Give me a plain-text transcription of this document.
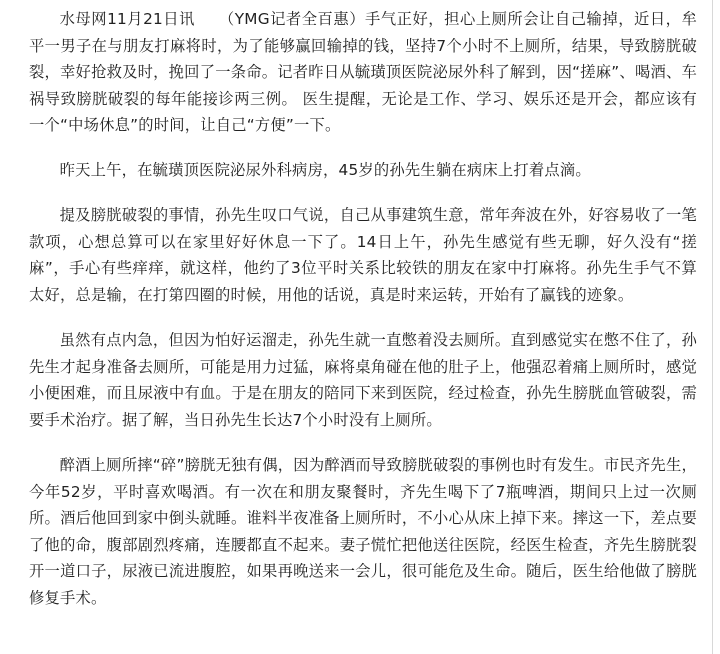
水母网11月21日讯　　（YMG记者全百惠）手气正好，担心上厕所会让自己输掉，近日，牟平一男子在与朋友打麻将时，为了能够赢回输掉的钱，坚持7个小时不上厕所，结果，导致膀胱破裂，幸好抢救及时，挽回了一条命。记者昨日从毓璜顶医院泌尿外科了解到，因“搓麻”、喝酒、车祸导致膀胱破裂的每年能接诊两三例。 医生提醒，无论是工作、学习、娱乐还是开会，都应该有一个“中场休息”的时间，让自己“方便”一下。

昨天上午，在毓璜顶医院泌尿外科病房，45岁的孙先生躺在病床上打着点滴。

提及膀胱破裂的事情，孙先生叹口气说，自己从事建筑生意，常年奔波在外，好容易收了一笔款项，心想总算可以在家里好好休息一下了。14日上午，孙先生感觉有些无聊，好久没有“搓麻”，手心有些痒痒，就这样，他约了3位平时关系比较铁的朋友在家中打麻将。孙先生手气不算太好，总是输，在打第四圈的时候，用他的话说，真是时来运转，开始有了赢钱的迹象。

虽然有点内急，但因为怕好运溜走，孙先生就一直憋着没去厕所。直到感觉实在憋不住了，孙先生才起身准备去厕所，可能是用力过猛，麻将桌角碰在他的肚子上，他强忍着痛上厕所时，感觉小便困难，而且尿液中有血。于是在朋友的陪同下来到医院，经过检查，孙先生膀胱血管破裂，需要手术治疗。据了解，当日孙先生长达7个小时没有上厕所。

醉酒上厕所摔“碎”膀胱无独有偶，因为醉酒而导致膀胱破裂的事例也时有发生。市民齐先生，今年52岁，平时喜欢喝酒。有一次在和朋友聚餐时，齐先生喝下了7瓶啤酒，期间只上过一次厕所。酒后他回到家中倒头就睡。谁料半夜准备上厕所时，不小心从床上掉下来。摔这一下，差点要了他的命，腹部剧烈疼痛，连腰都直不起来。妻子慌忙把他送往医院，经医生检查，齐先生膀胱裂开一道口子，尿液已流进腹腔，如果再晚送来一会儿，很可能危及生命。随后，医生给他做了膀胱修复手术。
